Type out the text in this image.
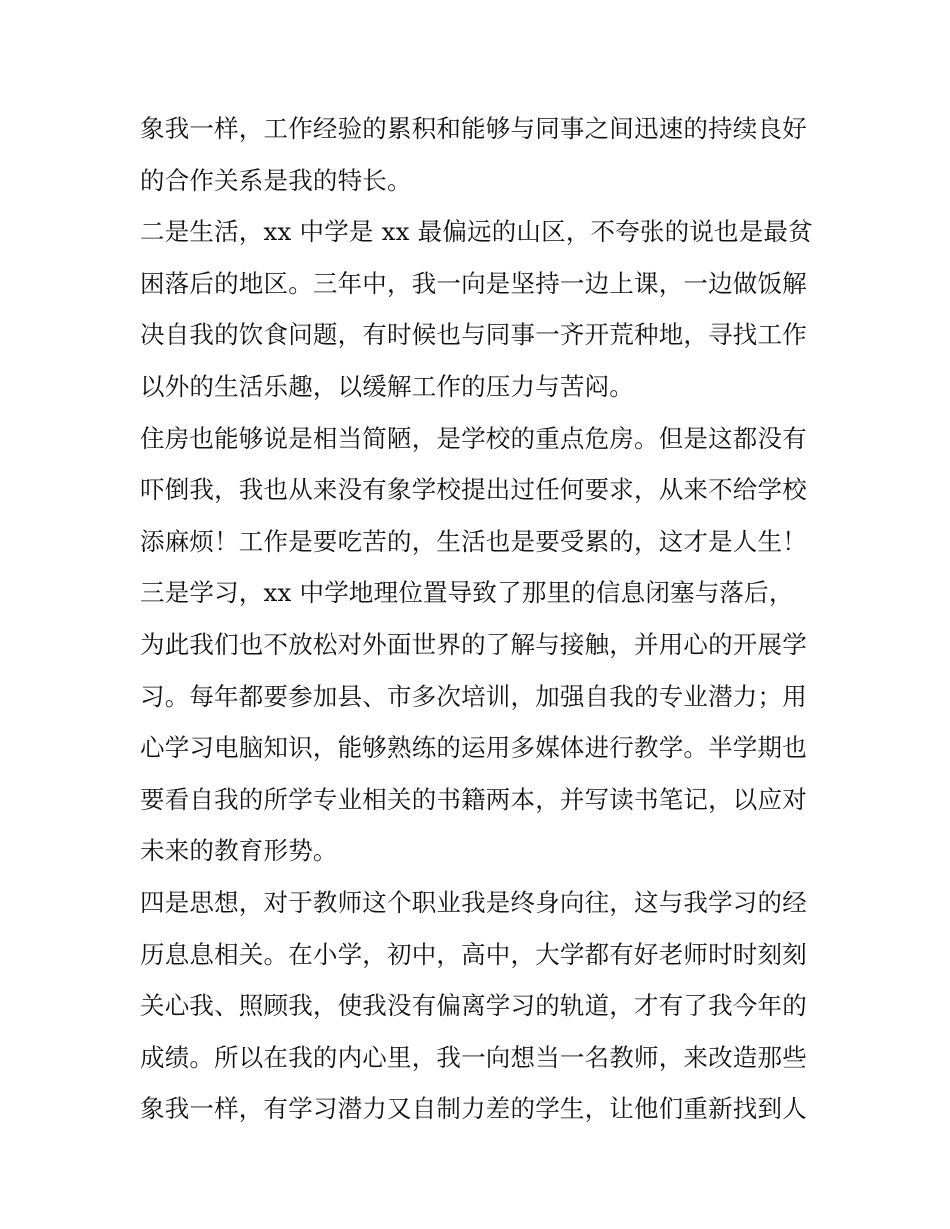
象我一样，工作经验的累积和能够与同事之间迅速的持续良好
的合作关系是我的特长。
二是生活，xx 中学是 xx 最偏远的山区，不夸张的说也是最贫
困落后的地区。三年中，我一向是坚持一边上课，一边做饭解
决自我的饮食问题，有时候也与同事一齐开荒种地，寻找工作
以外的生活乐趣，以缓解工作的压力与苦闷。
住房也能够说是相当简陋，是学校的重点危房。但是这都没有
吓倒我，我也从来没有象学校提出过任何要求，从来不给学校
添麻烦！工作是要吃苦的，生活也是要受累的，这才是人生！
三是学习，xx 中学地理位置导致了那里的信息闭塞与落后，
为此我们也不放松对外面世界的了解与接触，并用心的开展学
习。每年都要参加县、市多次培训，加强自我的专业潜力；用
心学习电脑知识，能够熟练的运用多媒体进行教学。半学期也
要看自我的所学专业相关的书籍两本，并写读书笔记，以应对
未来的教育形势。
四是思想，对于教师这个职业我是终身向往，这与我学习的经
历息息相关。在小学，初中，高中，大学都有好老师时时刻刻
关心我、照顾我，使我没有偏离学习的轨道，才有了我今年的
成绩。所以在我的内心里，我一向想当一名教师，来改造那些
象我一样，有学习潜力又自制力差的学生，让他们重新找到人
